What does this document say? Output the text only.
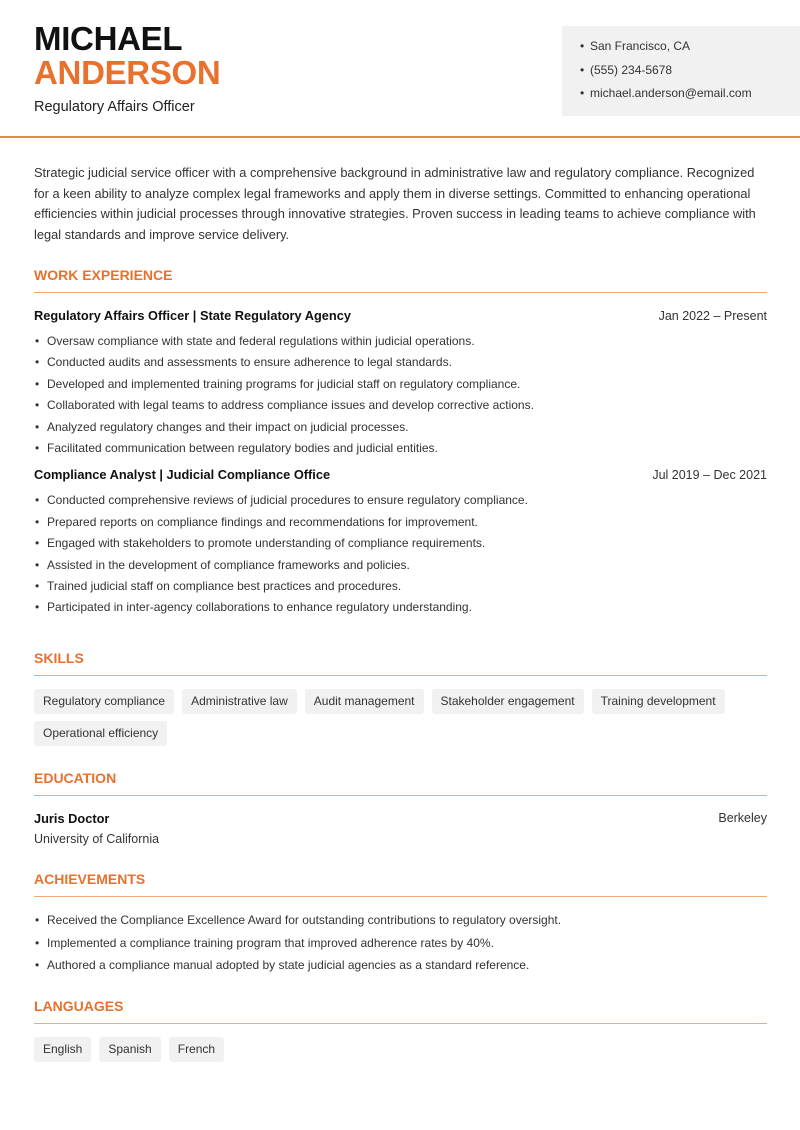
MICHAEL
ANDERSON
Regulatory Affairs Officer
• San Francisco, CA
• (555) 234-5678
• michael.anderson@email.com

Strategic judicial service officer with a comprehensive background in administrative law and regulatory compliance. Recognized for a keen ability to analyze complex legal frameworks and apply them in diverse settings. Committed to enhancing operational efficiencies within judicial processes through innovative strategies. Proven success in leading teams to achieve compliance with legal standards and improve service delivery.

WORK EXPERIENCE
Regulatory Affairs Officer | State Regulatory Agency	Jan 2022 – Present
• Oversaw compliance with state and federal regulations within judicial operations.
• Conducted audits and assessments to ensure adherence to legal standards.
• Developed and implemented training programs for judicial staff on regulatory compliance.
• Collaborated with legal teams to address compliance issues and develop corrective actions.
• Analyzed regulatory changes and their impact on judicial processes.
• Facilitated communication between regulatory bodies and judicial entities.
Compliance Analyst | Judicial Compliance Office	Jul 2019 – Dec 2021
• Conducted comprehensive reviews of judicial procedures to ensure regulatory compliance.
• Prepared reports on compliance findings and recommendations for improvement.
• Engaged with stakeholders to promote understanding of compliance requirements.
• Assisted in the development of compliance frameworks and policies.
• Trained judicial staff on compliance best practices and procedures.
• Participated in inter-agency collaborations to enhance regulatory understanding.
SKILLS
Regulatory compliance	Administrative law	Audit management	Stakeholder engagement	Training development
Operational efficiency
EDUCATION
Juris Doctor	Berkeley
University of California
ACHIEVEMENTS
• Received the Compliance Excellence Award for outstanding contributions to regulatory oversight.
• Implemented a compliance training program that improved adherence rates by 40%.
• Authored a compliance manual adopted by state judicial agencies as a standard reference.
LANGUAGES
English	Spanish	French
